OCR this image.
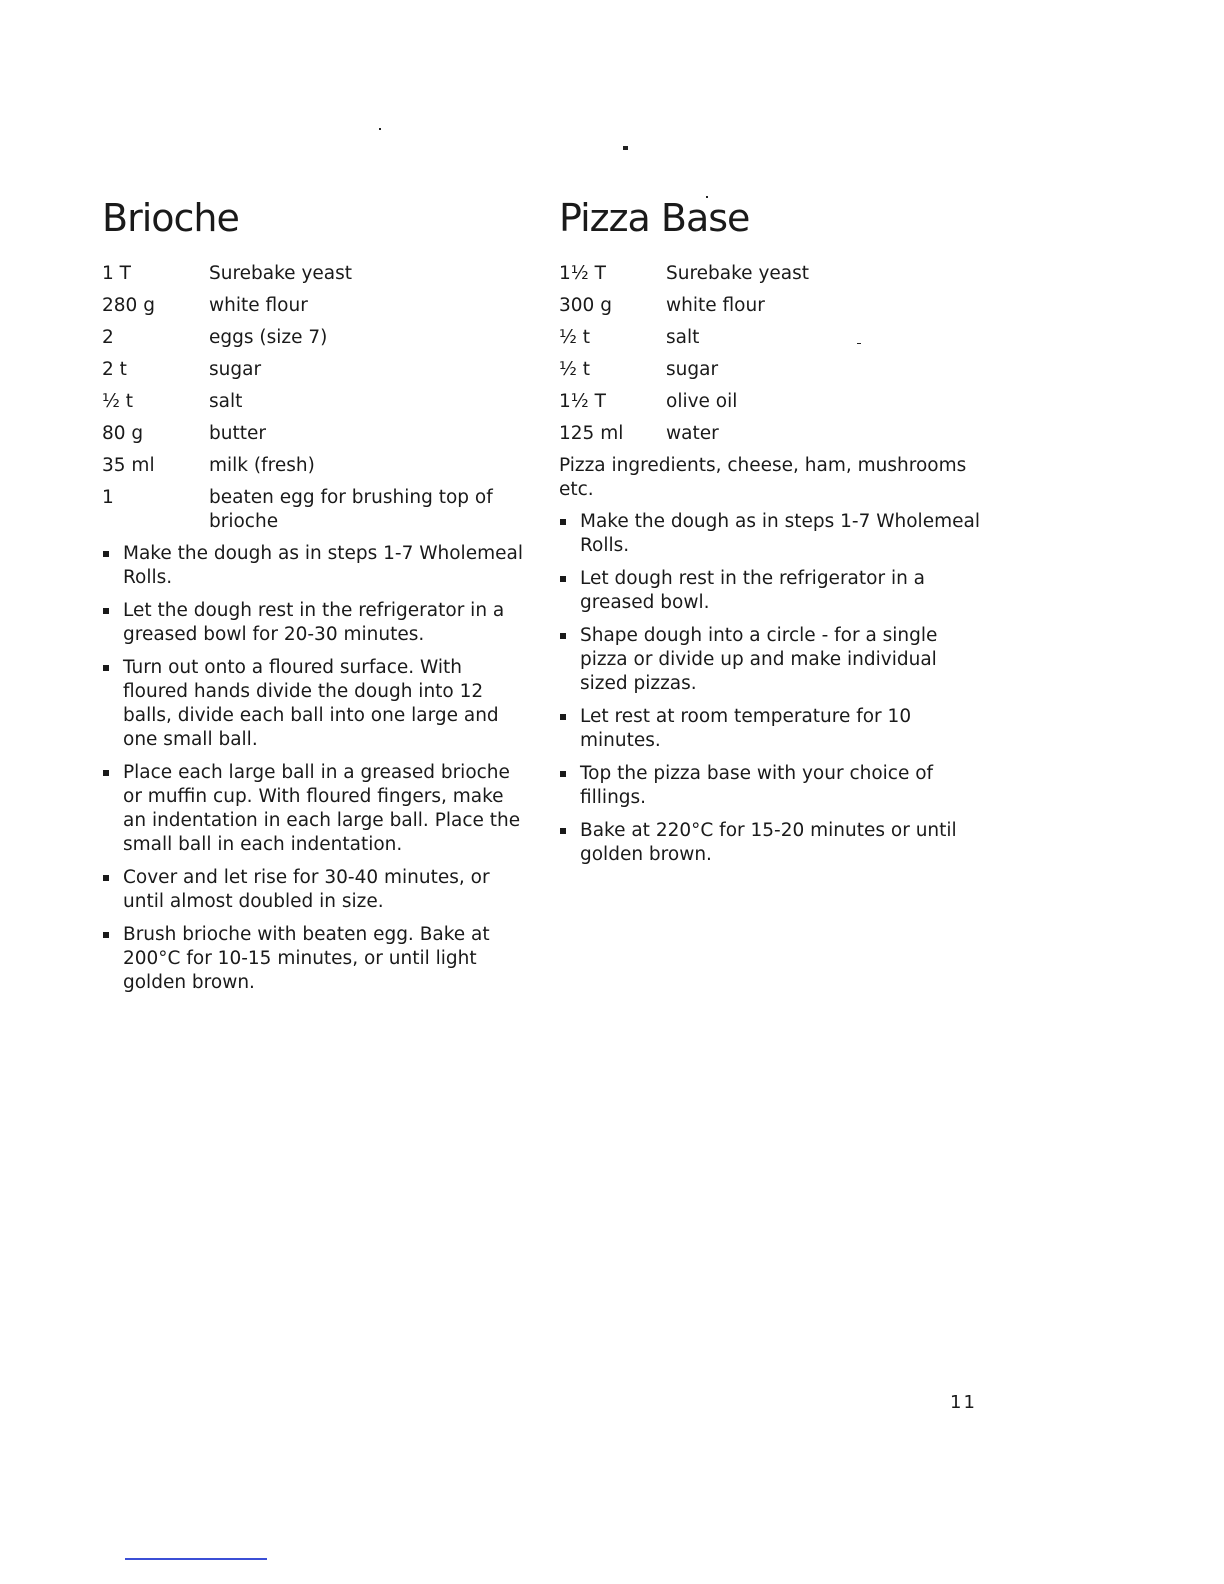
Brioche
1 T	Surebake yeast
280 g	white flour
2	eggs (size 7)
2 t	sugar
½ t	salt
80 g	butter
35 ml	milk (fresh)
1	beaten egg for brushing top of brioche
Make the dough as in steps 1-7 Wholemeal Rolls.
Let the dough rest in the refrigerator in a greased bowl for 20-30 minutes.
Turn out onto a floured surface. With floured hands divide the dough into 12 balls, divide each ball into one large and one small ball.
Place each large ball in a greased brioche or muffin cup. With floured fingers, make an indentation in each large ball. Place the small ball in each indentation.
Cover and let rise for 30-40 minutes, or until almost doubled in size.
Brush brioche with beaten egg. Bake at 200°C for 10-15 minutes, or until light golden brown.
Pizza Base
1½ T	Surebake yeast
300 g	white flour
½ t	salt
½ t	sugar
1½ T	olive oil
125 ml	water

Pizza ingredients, cheese, ham, mushrooms etc.

Make the dough as in steps 1-7 Wholemeal Rolls.
Let dough rest in the refrigerator in a greased bowl.
Shape dough into a circle - for a single pizza or divide up and make individual sized pizzas.
Let rest at room temperature for 10 minutes.
Top the pizza base with your choice of fillings.
Bake at 220°C for 15-20 minutes or until golden brown.
11
